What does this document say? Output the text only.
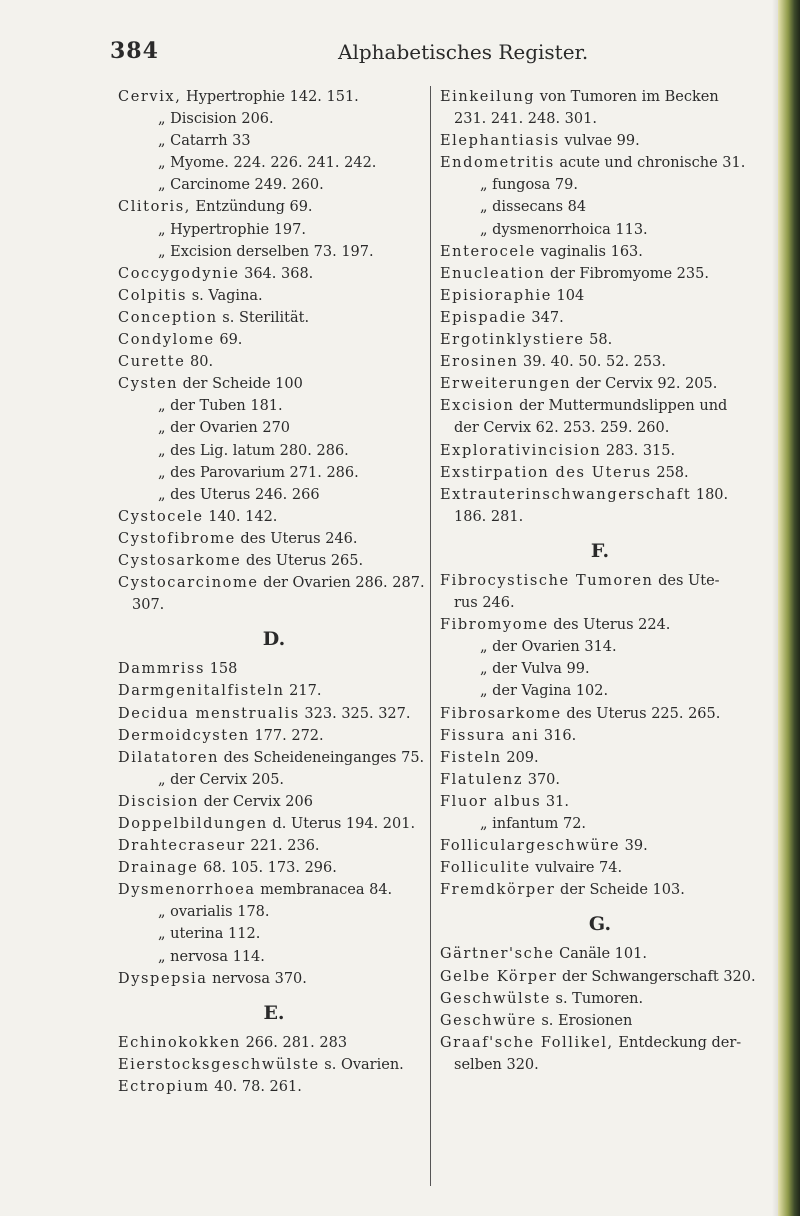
384	Alphabetisches Register.
Cervix, Hypertrophie 142. 151.
„ Discision 206.
„ Catarrh 33
„ Myome. 224. 226. 241. 242.
„ Carcinome 249. 260.
Clitoris, Entzündung 69.
„ Hypertrophie 197.
„ Excision derselben 73. 197.
Coccygodynie 364. 368.
Colpitis s. Vagina.
Conception s. Sterilität.
Condylome 69.
Curette 80.
Cysten der Scheide 100
„ der Tuben 181.
„ der Ovarien 270
„ des Lig. latum 280. 286.
„ des Parovarium 271. 286.
„ des Uterus 246. 266
Cystocele 140. 142.
Cystofibrome des Uterus 246.
Cystosarkome des Uterus 265.
Cystocarcinome der Ovarien 286. 287.
307.
D.
Dammriss 158
Darmgenitalfisteln 217.
Decidua menstrualis 323. 325. 327.
Dermoidcysten 177. 272.
Dilatatoren des Scheideneinganges 75.
„ der Cervix 205.
Discision der Cervix 206
Doppelbildungen d. Uterus 194. 201.
Drahtecraseur 221. 236.
Drainage 68. 105. 173. 296.
Dysmenorrhoea membranacea 84.
„ ovarialis 178.
„ uterina 112.
„ nervosa 114.
Dyspepsia nervosa 370.
E.
Echinokokken 266. 281. 283
Eierstocksgeschwülste s. Ovarien.
Ectropium 40. 78. 261.
Einkeilung von Tumoren im Becken
231. 241. 248. 301.
Elephantiasis vulvae 99.
Endometritis acute und chronische 31.
„ fungosa 79.
„ dissecans 84
„ dysmenorrhoica 113.
Enterocele vaginalis 163.
Enucleation der Fibromyome 235.
Episioraphie 104
Epispadie 347.
Ergotinklystiere 58.
Erosinen 39. 40. 50. 52. 253.
Erweiterungen der Cervix 92. 205.
Excision der Muttermundslippen und
der Cervix 62. 253. 259. 260.
Explorativincision 283. 315.
Exstirpation des Uterus 258.
Extrauterinschwangerschaft 180.
186. 281.
F.
Fibrocystische Tumoren des Ute-
rus 246.
Fibromyome des Uterus 224.
„ der Ovarien 314.
„ der Vulva 99.
„ der Vagina 102.
Fibrosarkome des Uterus 225. 265.
Fissura ani 316.
Fisteln 209.
Flatulenz 370.
Fluor albus 31.
„ infantum 72.
Folliculargeschwüre 39.
Folliculite vulvaire 74.
Fremdkörper der Scheide 103.
G.
Gärtner'sche Canäle 101.
Gelbe Körper der Schwangerschaft 320.
Geschwülste s. Tumoren.
Geschwüre s. Erosionen
Graaf'sche Follikel, Entdeckung der-
selben 320.
